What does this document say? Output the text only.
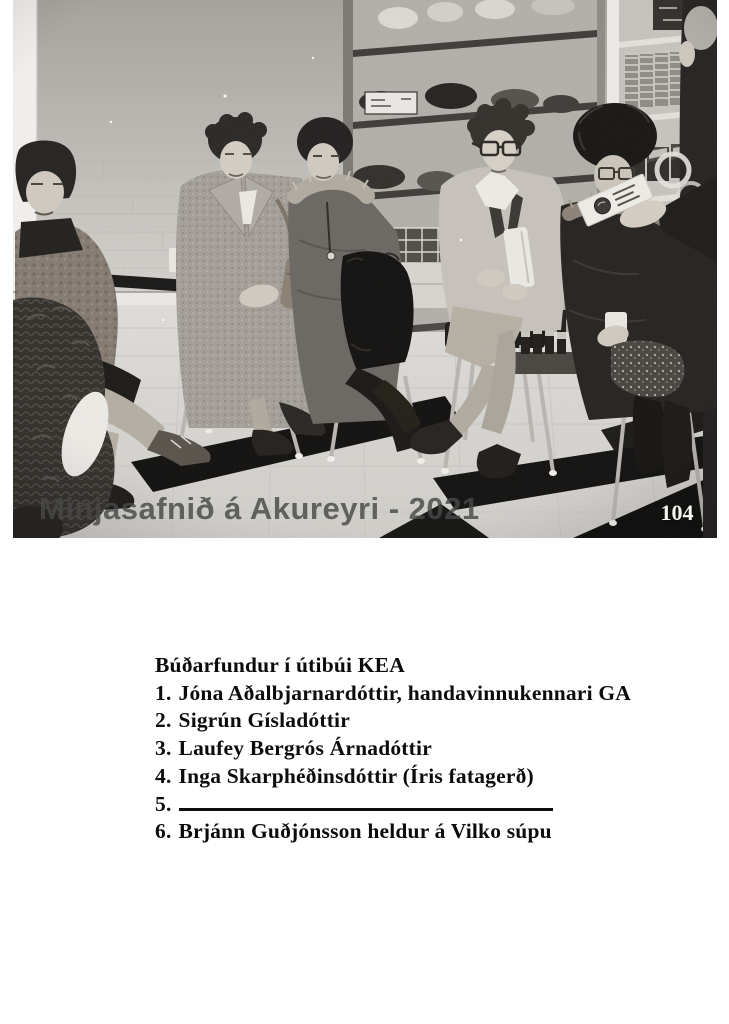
Minjasafnið á Akureyri - 2021	104
Búðarfundur í útibúi KEA
1. Jóna Aðalbjarnardóttir, handavinnukennari GA
2. Sigrún Gísladóttir
3. Laufey Bergrós Árnadóttir
4. Inga Skarphéðinsdóttir (Íris fatagerð)
5.
6. Brjánn Guðjónsson heldur á Vilko súpu
